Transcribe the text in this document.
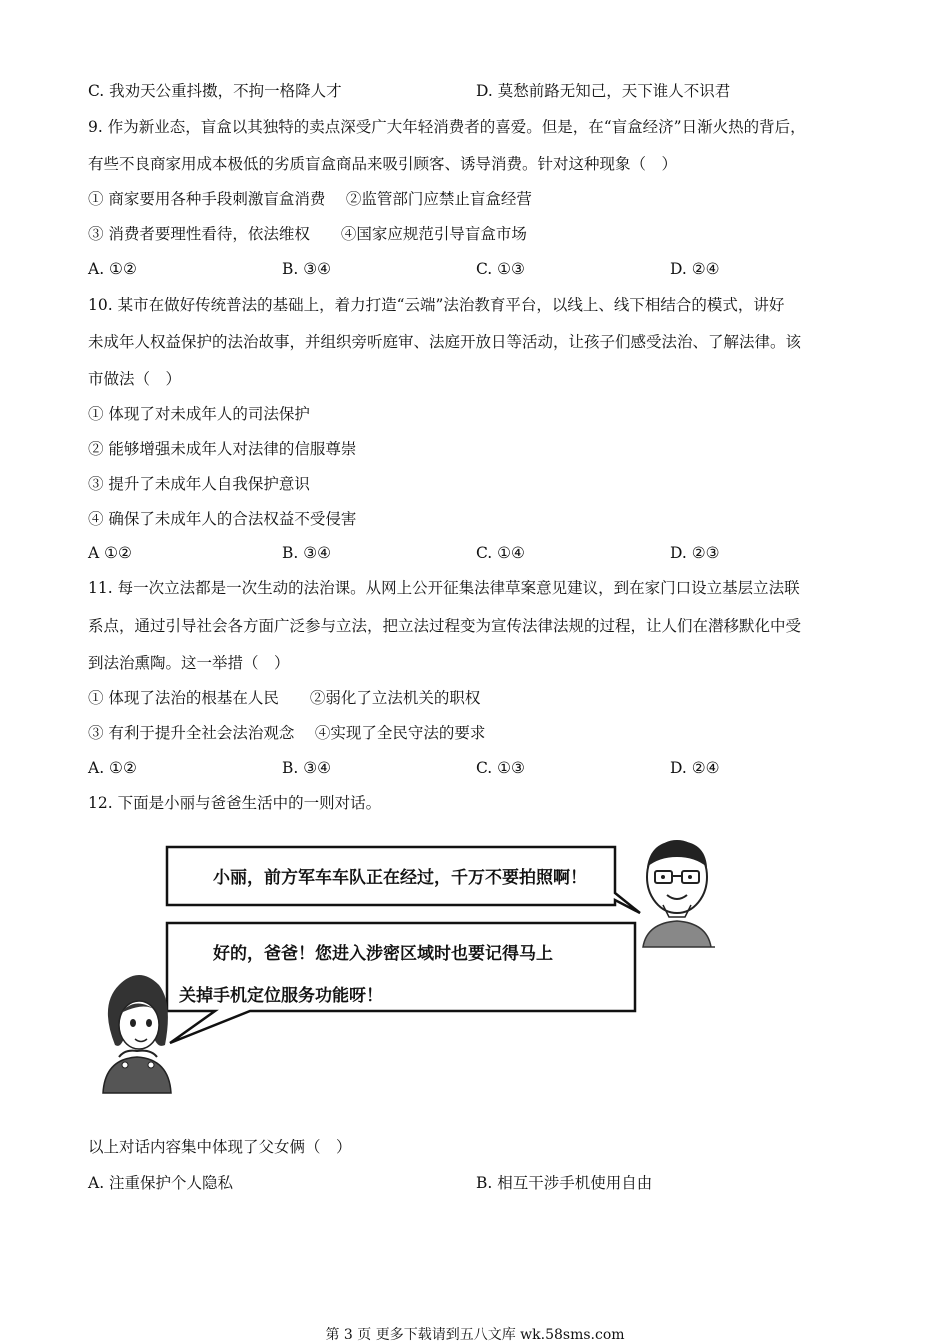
C. 我劝天公重抖擞，不拘一格降人才	D. 莫愁前路无知己，天下谁人不识君
9. 作为新业态，盲盒以其独特的卖点深受广大年轻消费者的喜爱。但是，在“盲盒经济”日渐火热的背后，
有些不良商家用成本极低的劣质盲盒商品来吸引顾客、诱导消费。针对这种现象（　）
① 商家要用各种手段刺激盲盒消费　 ②监管部门应禁止盲盒经营
③ 消费者要理性看待，依法维权　　④国家应规范引导盲盒市场
A. ①②	B. ③④	C. ①③	D. ②④
10. 某市在做好传统普法的基础上，着力打造“云端”法治教育平台，以线上、线下相结合的模式，讲好
未成年人权益保护的法治故事，并组织旁听庭审、法庭开放日等活动，让孩子们感受法治、了解法律。该
市做法（　）
① 体现了对未成年人的司法保护
② 能够增强未成年人对法律的信服尊崇
③ 提升了未成年人自我保护意识
④ 确保了未成年人的合法权益不受侵害
A ①②	B. ③④	C. ①④	D. ②③
11. 每一次立法都是一次生动的法治课。从网上公开征集法律草案意见建议，到在家门口设立基层立法联
系点，通过引导社会各方面广泛参与立法，把立法过程变为宣传法律法规的过程，让人们在潜移默化中受
到法治熏陶。这一举措（　）
① 体现了法治的根基在人民　　②弱化了立法机关的职权
③ 有利于提升全社会法治观念　 ④实现了全民守法的要求
A. ①②	B. ③④	C. ①③	D. ②④
12. 下面是小丽与爸爸生活中的一则对话。
小丽，前方军车车队正在经过，千万不要拍照啊！
好的，爸爸！您进入涉密区域时也要记得马上
关掉手机定位服务功能呀！
以上对话内容集中体现了父女俩（　）
A. 注重保护个人隐私	B. 相互干涉手机使用自由
第 3 页 更多下载请到五八文库 wk.58sms.com
